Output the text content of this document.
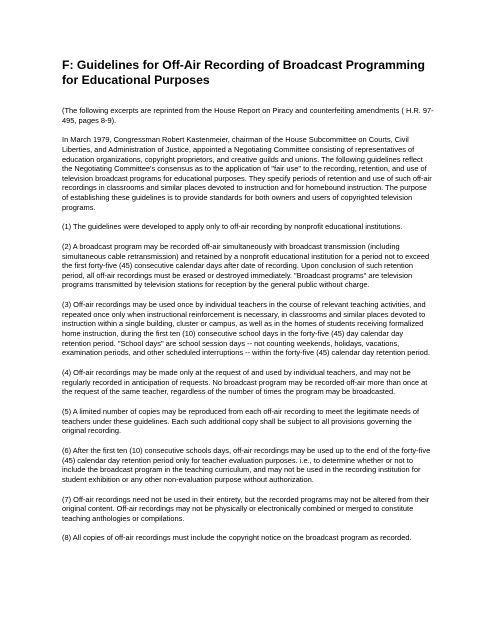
F: Guidelines for Off-Air Recording of Broadcast Programming for Educational Purposes

(The following excerpts are reprinted from the House Report on Piracy and counterfeiting amendments ( H.R. 97-495, pages 8-9).

In March 1979, Congressman Robert Kastenmeier, chairman of the House Subcommittee on Courts, Civil Liberties, and Administration of Justice, appointed a Negotiating Committee consisting of representatives of education organizations, copyright proprietors, and creative guilds and unions. The following guidelines reflect the Negotiating Committee's consensus as to the application of "fair use" to the recording, retention, and use of television broadcast programs for educational purposes. They specify periods of retention and use of such off-air recordings in classrooms and similar places devoted to instruction and for homebound instruction. The purpose of establishing these guidelines is to provide standards for both owners and users of copyrighted television programs.

(1) The guidelines were developed to apply only to off-air recording by nonprofit educational institutions.

(2) A broadcast program may be recorded off-air simultaneously with broadcast transmission (including simultaneous cable retransmission) and retained by a nonprofit educational institution for a period not to exceed the first forty-five (45) consecutive calendar days after date of recording. Upon conclusion of such retention period, all off-air recordings must be erased or destroyed immediately. "Broadcast programs" are television programs transmitted by television stations for reception by the general public without charge.

(3) Off-air recordings may be used once by individual teachers in the course of relevant teaching activities, and repeated once only when instructional reinforcement is necessary, in classrooms and similar places devoted to instruction within a single building, cluster or campus, as well as in the homes of students receiving formalized home instruction, during the first ten (10) consecutive school days in the forty-five (45) day calendar day retention period. "School days" are school session days -- not counting weekends, holidays, vacations, examination periods, and other scheduled interruptions -- within the forty-five (45) calendar day retention period.

(4) Off-air recordings may be made only at the request of and used by individual teachers, and may not be regularly recorded in anticipation of requests. No broadcast program may be recorded off-air more than once at the request of the same teacher, regardless of the number of times the program may be broadcasted.

(5) A limited number of copies may be reproduced from each off-air recording to meet the legitimate needs of teachers under these guidelines. Each such additional copy shall be subject to all provisions governing the original recording.

(6) After the first ten (10) consecutive schools days, off-air recordings may be used up to the end of the forty-five (45) calendar day retention period only for teacher evaluation purposes. i.e., to determine whether or not to include the broadcast program in the teaching curriculum, and may not be used in the recording institution for student exhibition or any other non-evaluation purpose without authorization.

(7) Off-air recordings need not be used in their entirety, but the recorded programs may not be altered from their original content. Off-air recordings may not be physically or electronically combined or merged to constitute teaching anthologies or compilations.

(8) All copies of off-air recordings must include the copyright notice on the broadcast program as recorded.
